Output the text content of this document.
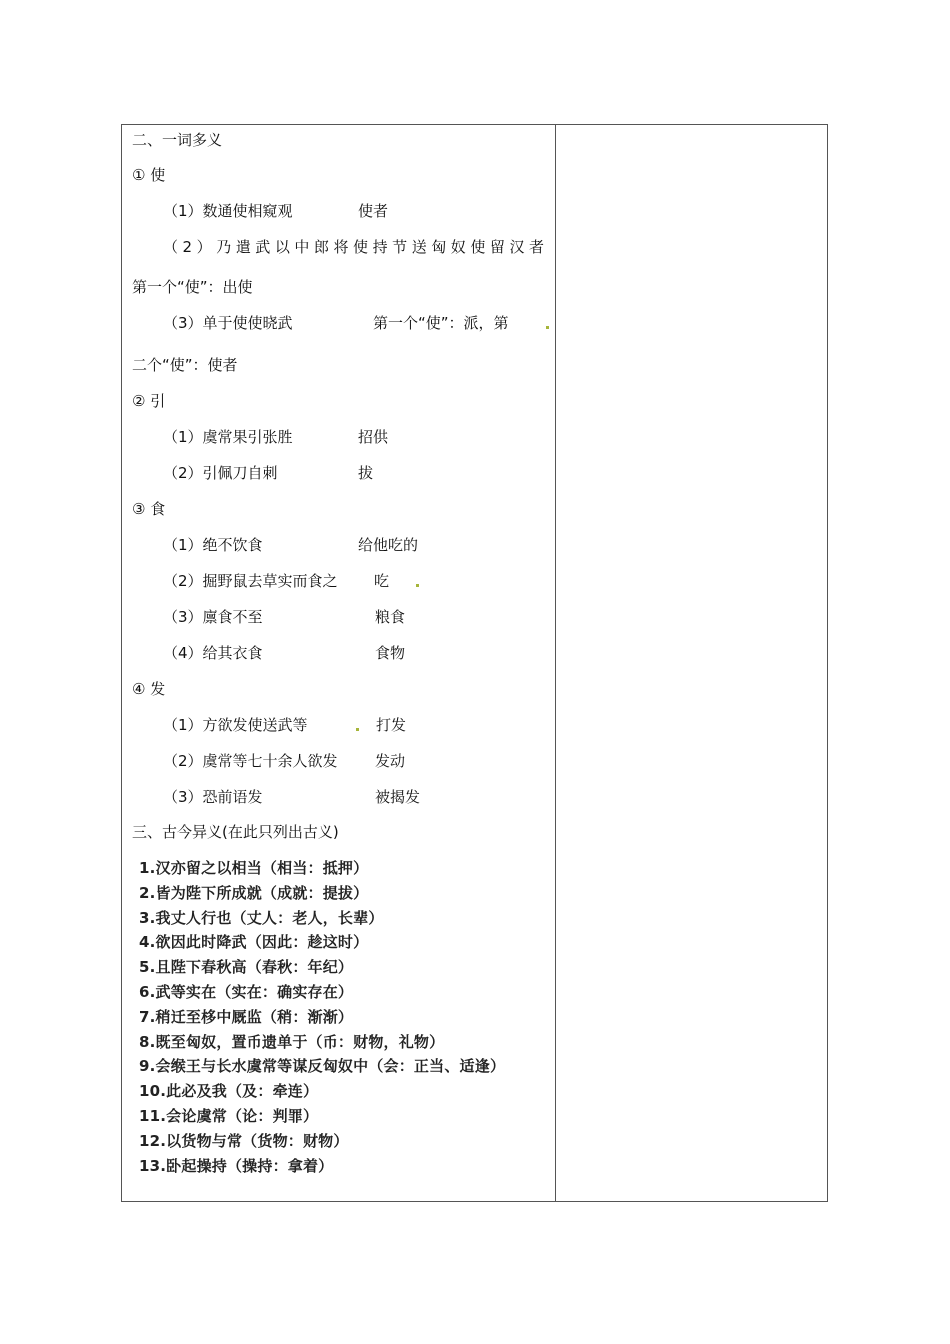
二、一词多义
① 使
（1）数通使相窥观	使者
（2）乃遣武以中郎将使持节送匈奴使留汉者
第一个“使”：出使
（3）单于使使晓武	第一个“使”：派，第
二个“使”：使者
② 引
（1）虞常果引张胜	招供
（2）引佩刀自刺	拔
③ 食
（1）绝不饮食	给他吃的
（2）掘野鼠去草实而食之 吃
（3）廪食不至	粮食
（4）给其衣食	食物
④ 发
（1）方欲发使送武等	打发
（2）虞常等七十余人欲发 发动
（3）恐前语发	被揭发
三、古今异义(在此只列出古义)
1.汉亦留之以相当（相当：抵押）
2.皆为陛下所成就（成就：提拔）
3.我丈人行也（丈人：老人，长辈）
4.欲因此时降武（因此：趁这时）
5.且陛下春秋高（春秋：年纪）
6.武等实在（实在：确实存在）
7.稍迁至栘中厩监（稍：渐渐）
8.既至匈奴，置币遗单于（币：财物，礼物）
9.会缑王与长水虞常等谋反匈奴中（会：正当、适逢）
10.此必及我（及：牵连）
11.会论虞常（论：判罪）
12.以货物与常（货物：财物）
13.卧起操持（操持：拿着）
